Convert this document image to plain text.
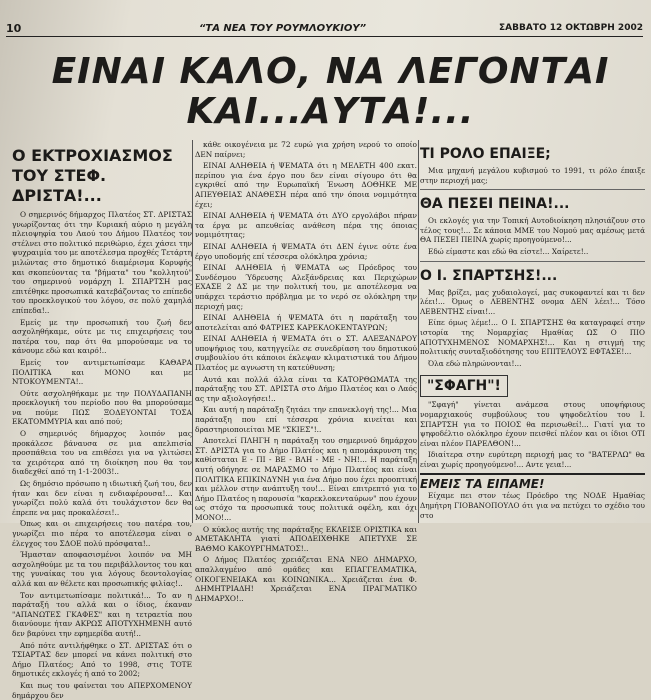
10	“ΤΑ ΝΕΑ ΤΟΥ ΡΟΥΜΛΟΥΚΙΟΥ”	ΣΑΒΒΑΤΟ 12 ΟΚΤΩΒΡΗ 2002
ΕΙΝΑΙ ΚΑΛΟ, ΝΑ ΛΕΓΟΝΤΑΙ
ΚΑΙ...ΑΥΤΑ!...
Ο ΕΚΤΡΟΧΙΑΣΜΟΣ
ΤΟΥ ΣΤΕΦ. ΔΡΙΣΤΑ!...

Ο σημερινός δήμαρχος Πλατέος ΣΤ. ΔΡΙΣΤΑΣ γνωρίζοντας ότι την Κυριακή αύριο η μεγάλη πλειοψηφία του Λαού του Δήμου Πλατέος τον στέλνει στο πολιτικό περιθώριο, έχει χάσει την ψυχραιμία του με αποτέλεσμα προχθές Τετάρτη μιλώντας στο δημοτικό διαμέρισμα Κορυφής και σκοπεύοντας τα "βήματα" του "κολλητού" του σημερινού νομάρχη Ι. ΣΠΑΡΤΣΗ μας επιτέθηκε προσωπικά κατεβάζοντας το επίπεδο του προεκλογικού του λόγου, σε πολύ χαμηλά επίπεδα!..

Εμείς με την προσωπική του ζωή δεν ασχοληθήκαμε, ούτε με τις επιχειρήσεις του πατέρα του, παρ ότι θα μπορούσαμε να το κάνουμε εδώ και καιρό!..

Εμείς τον αντιμετωπίσαμε ΚΑΘΑΡΑ ΠΟΛΙΤΙΚΑ και ΜΟΝΟ και με ΝΤΟΚΟΥΜΕΝΤΑ!..

Ούτε ασχοληθήκαμε με την ΠΟΛΥΔΑΠΑΝΗ προεκλογική του περίοδο που θα μπορούσαμε να πούμε ΠΩΣ ΞΟΔΕΥΟΝΤΑΙ ΤΟΣΑ ΕΚΑΤΟΜΜΥΡΙΑ και από πού;

Ο σημερινός δήμαρχος λοιπόν μας προκάλεσε βάναυσα σε μια απελπισία προσπάθεια του να επιθέσει για να γλιτώσει τα χειρότερα από τη διοίκηση που θα τον διαδεχθεί από τη 1-1-2003!..

Ως δημόσιο πρόσωπο η ιδιωτική ζωή του, δεν ήταν και δεν είναι η ενδιαφέρουσα!... Και γνωρίζει πολύ καλά ότι τουλάχιστον δεν θα έπρεπε να μας προκαλέσει!..

Όπως και οι επιχειρήσεις του πατέρα του, γνωρίζει πιο πέρα το αποτέλεσμα είναι ο έλεγχος του ΣΔΟΕ πολύ πρόσφατα!..

Ήμασταν αποφασισμένοι λοιπόν να ΜΗ ασχοληθούμε με τα του περιβάλλοντος του και της γυναίκας του για λόγους δεοντολογίας αλλά και αν θέλετε και προσωπικής φιλίας!..

Τον αντιμετωπίσαμε πολιτικά!... Το αν η παράταξή του αλλά και ο ίδιος, έκαναν "ΑΠΑΝΩΤΕΣ ΓΚΑΦΕΣ" και η τετραετία που διανύουμε ήταν ΑΚΡΩΣ ΑΠΟΤΥΧΗΜΕΝΗ αυτό δεν βαρύνει την εφημερίδα αυτή!..

Από πότε αντιλήφθηκε ο ΣΤ. ΔΡΙΣΤΑΣ ότι ο ΤΣΙΑΡΤΑΣ δεν μπορεί να κάνει πολιτική στο Δήμο Πλατέος; Από το 1998, στις ΤΟΤΕ δημοτικές εκλογές ή από το 2002;

Και πως του φαίνεται του ΑΠΕΡΧΟΜΕΝΟΥ δημάρχου δεν

κάθε οικογένεια με 72 ευρώ για χρήση νερού το οποίο ΔΕΝ παίρνει;

ΕΙΝΑΙ ΑΛΗΘΕΙΑ ή ΨΕΜΑΤΑ ότι η ΜΕΛΕΤΗ 400 εκατ. περίπου για ένα έργο που δεν είναι σίγουρο ότι θα εγκριθεί από την Ευρωπαϊκή Ένωση ΔΟΘΗΚΕ ΜΕ ΑΠΕΥΘΕΙΑΣ ΑΝΑΘΕΣΗ πέρα από την όποια νομιμότητα έχει;

ΕΙΝΑΙ ΑΛΗΘΕΙΑ ή ΨΕΜΑΤΑ ότι ΔΥΟ εργολάβοι πήραν τα έργα με απευθείας ανάθεση πέρα της όποιας νομιμότητας;

ΕΙΝΑΙ ΑΛΗΘΕΙΑ ή ΨΕΜΑΤΑ ότι ΔΕΝ έγινε ούτε ένα έργο υποδομής επί τέσσερα ολόκληρα χρόνια;

ΕΙΝΑΙ ΑΛΗΘΕΙΑ ή ΨΕΜΑΤΑ ως Πρόεδρος του Συνδέσμου Ύδρευσης Αλεξάνδρειας και Περιχώρων ΕΧΑΣΕ 2 ΔΣ με την πολιτική του, με αποτέλεσμα να υπάρχει τεράστιο πρόβλημα με το νερό σε ολόκληρη την περιοχή μας;

ΕΙΝΑΙ ΑΛΗΘΕΙΑ ή ΨΕΜΑΤΑ ότι η παράταξη του αποτελείται από ΦΑΤΡΙΕΣ ΚΑΡΕΚΛΟΚΕΝΤΑΥΡΩΝ;

ΕΙΝΑΙ ΑΛΗΘΕΙΑ ή ΨΕΜΑΤΑ ότι ο ΣΤ. ΑΛΕΞΑΝΔΡΟΥ υποψήφιος του, κατηγγείλε σε συνεδρίαση του δημοτικού συμβουλίου ότι κάποιοι έκλεψαν κλιματιστικά του Δήμου Πλατέος με αγνωστη τη κατεύθυνση;

Αυτά και πολλά άλλα είναι τα ΚΑΤΟΡΘΩΜΑΤΑ της παράταξης του ΣΤ. ΔΡΙΣΤΑ στο Δήμο Πλατέος και ο Λαός ας την αξιολογήσει!..

Και αυτή η παράταξη ζητάει την επανεκλογή της!... Μια παράταξη που επί τέσσερα χρόνια κινείται και δραστηριοποιείται ΜΕ "ΣΚΙΕΣ"!..

Αποτελεί ΠΛΗΓΗ η παράταξη του σημερινού δημάρχου ΣΤ. ΔΡΙΣΤΑ για το Δήμο Πλατέος και η απομάκρυνση της καθίσταται Ε - ΠΙ - ΒΕ - ΒΛΗ - ΜΕ - ΝΗ!... Η παράταξη αυτή οδήγησε σε ΜΑΡΑΣΜΟ το Δήμο Πλατέος και είναι ΠΟΛΙΤΙΚΑ ΕΠΙΚΙΝΔΥΝΗ για ένα Δήμο που έχει προοπτική και μέλλον στην ανάπτυξη του!... Είναι επιτρεπτό για το Δήμο Πλατέος η παρουσία "καρεκλοκενταύρων" που έχουν ως στόχο τα προσωπικά τους πολιτικά οφέλη, και όχι ΜΟΝΟ!...

Ο κύκλος αυτής της παράταξης ΕΚΛΕΙΣΕ ΟΡΙΣΤΙΚΑ και ΑΜΕΤΑΚΛΗΤΑ γιατί ΑΠΟΔΕΙΧΘΗΚΕ ΑΠΕΤΥΧΕ ΣΕ ΒΑΘΜΟ ΚΑΚΟΥΡΓΗΜΑΤΟΣ!..

Ο Δήμος Πλατέος χρειάζεται ΕΝΑ ΝΕΟ ΔΗΜΑΡΧΟ, απαλλαγμένο από ομάδες και ΕΠΑΓΓΕΛΜΑΤΙΚΑ, ΟΙΚΟΓΕΝΕΙΑΚΑ και ΚΟΙΝΩΝΙΚΑ... Χρειάζεται ένα Φ. ΔΗΜΗΤΡΙΑΔΗ! Χρειάζεται ΕΝΑ ΠΡΑΓΜΑΤΙΚΟ ΔΗΜΑΡΧΟ!..

ΤΙ ΡΟΛΟ ΕΠΑΙΞΕ;

Μια μηχανή μεγάλου κυβισμού το 1991, τι ρόλο έπαιξε στην περιοχή μας;

ΘΑ ΠΕΣΕΙ ΠΕΙΝΑ!...

Οι εκλογές για την Τοπική Αυτοδιοίκηση πλησιάζουν στο τέλος τους!... Σε κάποια ΜΜΕ του Νομού μας αμέσως μετά ΘΑ ΠΕΣΕΙ ΠΕΙΝΑ χωρίς προηγούμενο!...

Εδώ είμαστε και εδώ θα είστε!... Χαίρετε!..

Ο Ι. ΣΠΑΡΤΣΗΣ!...

Μας βρίζει, μας χυδαιολογεί, μας συκοφαντεί και τι δεν λέει!... Όμως ο ΛΕΒΕΝΤΗΣ ονομα ΔΕΝ λέει!... Τόσο ΛΕΒΕΝΤΗΣ είναι!...

Είπε όμως λέμε!... Ο Ι. ΣΠΑΡΤΣΗΣ θα καταγραφεί στην ιστορία της Νομαρχίας Ημαθίας ΩΣ Ο ΠΙΟ ΑΠΟΤΥΧΗΜΕΝΟΣ ΝΟΜΑΡΧΗΣ!... Και η στιγμή της πολιτικής συνταξιοδότησης του ΕΠΙΤΕΛΟΥΣ ΕΦΤΑΣΕ!...

Όλα εδώ πληρώνονται!...

"ΣΦΑΓΗ"!

"Σφαγή" γίνεται ανάμεσα στους υποψήφιους νομαρχιακούς συμβούλους του ψηφοδελτίου του Ι. ΣΠΑΡΤΣΗ για το ΠΟΙΟΣ θα περισωθεί!... Γιατί για το ψηφοδέλτιο ολόκληρο έχουν πεισθεί πλέον και οι ίδιοι ΟΤΙ είναι πλέον ΠΑΡΕΛΘΟΝ!...

Ιδιαίτερα στην ευρύτερη περιοχή μας το "ΒΑΤΕΡΛΩ" θα είναι χωρίς προηγούμενο!... Αντε γεια!...

ΕΜΕΙΣ ΤΑ ΕΙΠΑΜΕ!

Είχαμε πει στον τέως Πρόεδρο της ΝΟΔΕ Ημαθίας Δημήτρη ΓΙΟΒΑΝΟΠΟΥΛΟ ότι για να πετύχει το σχέδιο του στο
